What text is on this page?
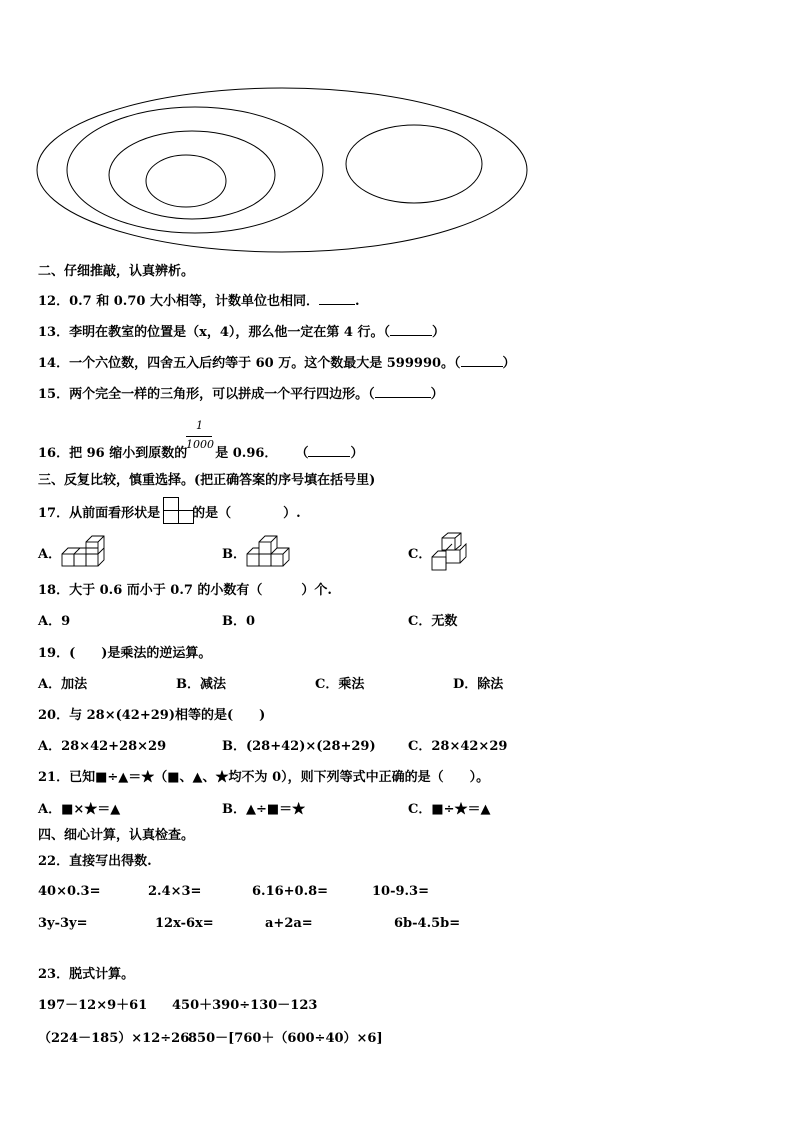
二、仔细推敲，认真辨析。
12．0.7 和 0.70 大小相等，计数单位也相同．	.
13．李明在教室的位置是（x，4），那么他一定在第 4 行。（	）
14．一个六位数，四舍五入后约等于 60 万。这个数最大是 599990。（	）
15．两个完全一样的三角形，可以拼成一个平行四边形。（	）
1
1000
16．把 96 缩小到原数的 是 0.96． （	）
三、反复比较，慎重选择。(把正确答案的序号填在括号里)
17．从前面看形状是 的是（　　　　）.
A．	B．	C．
18．大于 0.6 而小于 0.7 的小数有（　　　）个.
A．9	B．0	C．无数
19．(　　)是乘法的逆运算。
A．加法	B．减法	C．乘法	D．除法
20．与 28×(42+29)相等的是(　　)
A．28×42+28×29	B．(28+42)×(28+29) C．28×42×29
21．已知■÷▲＝★（■、▲、★均不为 0），则下列等式中正确的是（　　）。
A．■×★＝▲	B．▲÷■＝★	C．■÷★＝▲
四、细心计算，认真检查。
22．直接写出得数.
40×0.3=	2.4×3=	6.16+0.8=	10-9.3=
3y-3y=	12x-6x=	a+2a=	6b-4.5b=
23．脱式计算。
197－12×9＋61 450＋390÷130－123
（224－185）×12÷26
850－[760＋（600÷40）×6]
